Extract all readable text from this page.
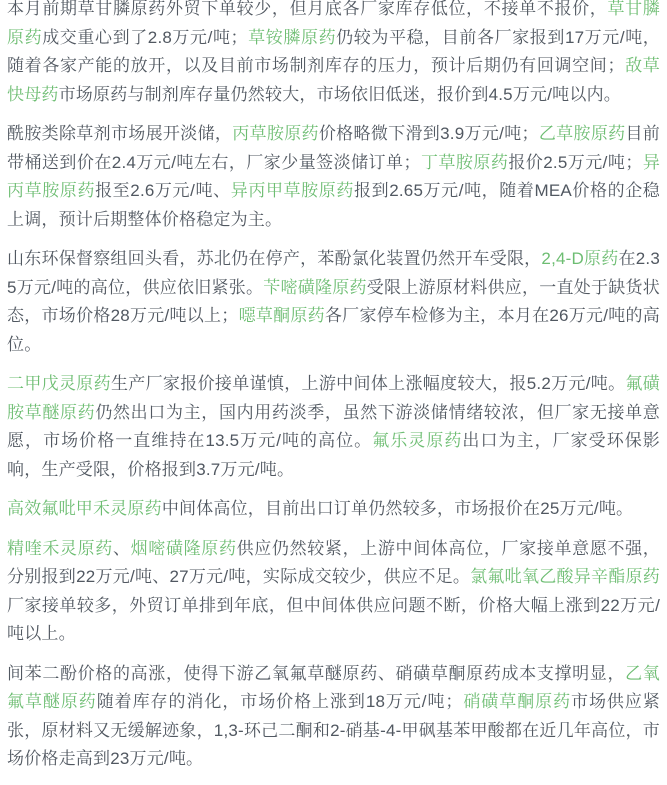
本月前期草甘膦原药外贸下单较少，但月底各厂家库存低位，不接单不报价，草甘膦原药成交重心到了2.8万元/吨；草铵膦原药仍较为平稳，目前各厂家报到17万元/吨，随着各家产能的放开，以及目前市场制剂库存的压力，预计后期仍有回调空间；敌草快母药市场原药与制剂库存量仍然较大，市场依旧低迷，报价到4.5万元/吨以内。

酰胺类除草剂市场展开淡储，丙草胺原药价格略微下滑到3.9万元/吨；乙草胺原药目前带桶送到价在2.4万元/吨左右，厂家少量签淡储订单；丁草胺原药报价2.5万元/吨；异丙草胺原药报至2.6万元/吨、异丙甲草胺原药报到2.65万元/吨，随着MEA价格的企稳上调，预计后期整体价格稳定为主。

山东环保督察组回头看，苏北仍在停产，苯酚氯化装置仍然开车受限，2,4-D原药在2.35万元/吨的高位，供应依旧紧张。苄嘧磺隆原药受限上游原材料供应，一直处于缺货状态，市场价格28万元/吨以上；噁草酮原药各厂家停车检修为主，本月在26万元/吨的高位。

二甲戊灵原药生产厂家报价接单谨慎，上游中间体上涨幅度较大，报5.2万元/吨。氟磺胺草醚原药仍然出口为主，国内用药淡季，虽然下游淡储情绪较浓，但厂家无接单意愿，市场价格一直维持在13.5万元/吨的高位。氟乐灵原药出口为主，厂家受环保影响，生产受限，价格报到3.7万元/吨。

高效氟吡甲禾灵原药中间体高位，目前出口订单仍然较多，市场报价在25万元/吨。

精喹禾灵原药、烟嘧磺隆原药供应仍然较紧，上游中间体高位，厂家接单意愿不强，分别报到22万元/吨、27万元/吨，实际成交较少，供应不足。氯氟吡氧乙酸异辛酯原药厂家接单较多，外贸订单排到年底，但中间体供应问题不断，价格大幅上涨到22万元/吨以上。

间苯二酚价格的高涨，使得下游乙氧氟草醚原药、硝磺草酮原药成本支撑明显，乙氧氟草醚原药随着库存的消化，市场价格上涨到18万元/吨；硝磺草酮原药市场供应紧张，原材料又无缓解迹象，1,3-环己二酮和2-硝基-4-甲砜基苯甲酸都在近几年高位，市场价格走高到23万元/吨。
